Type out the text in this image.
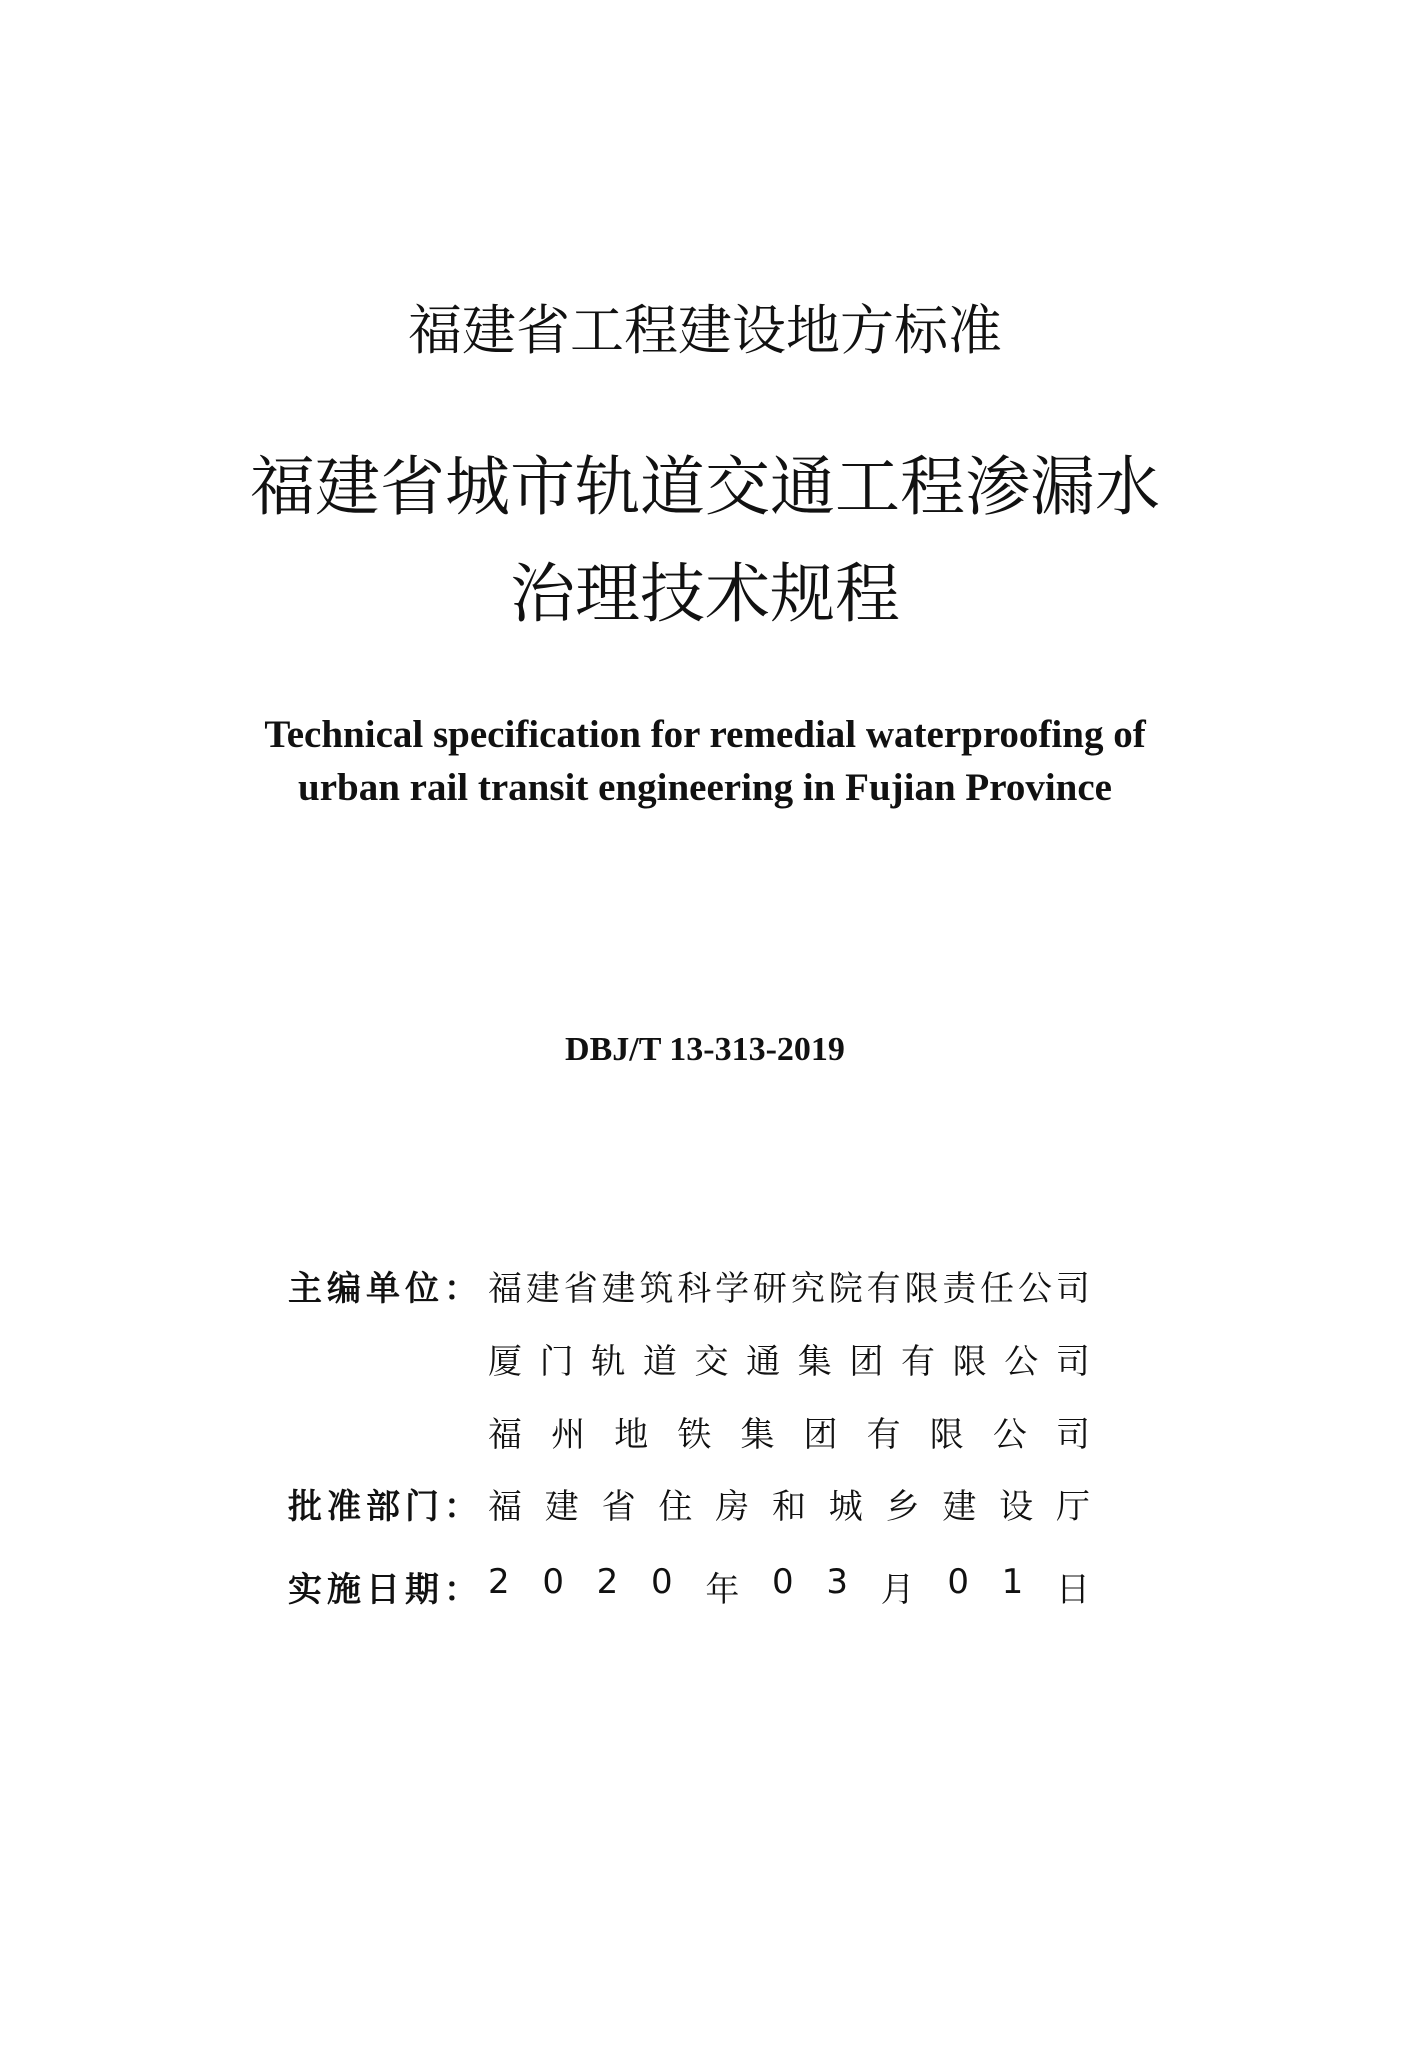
福建省工程建设地方标准
福建省城市轨道交通工程渗漏水
治理技术规程
Technical specification for remedial waterproofing of
urban rail transit engineering in Fujian Province
DBJ/T 13-313-2019
主编单位： 福 建 省 建 筑 科 学 研 究 院 有 限 责 任 公 司
厦 门 轨 道 交 通 集 团 有 限 公 司
福 州 地 铁 集 团 有 限 公 司
批准部门： 福 建 省 住 房 和 城 乡 建 设 厅
实施日期： 2 0 2 0 年 0 3 月 0 1 日
